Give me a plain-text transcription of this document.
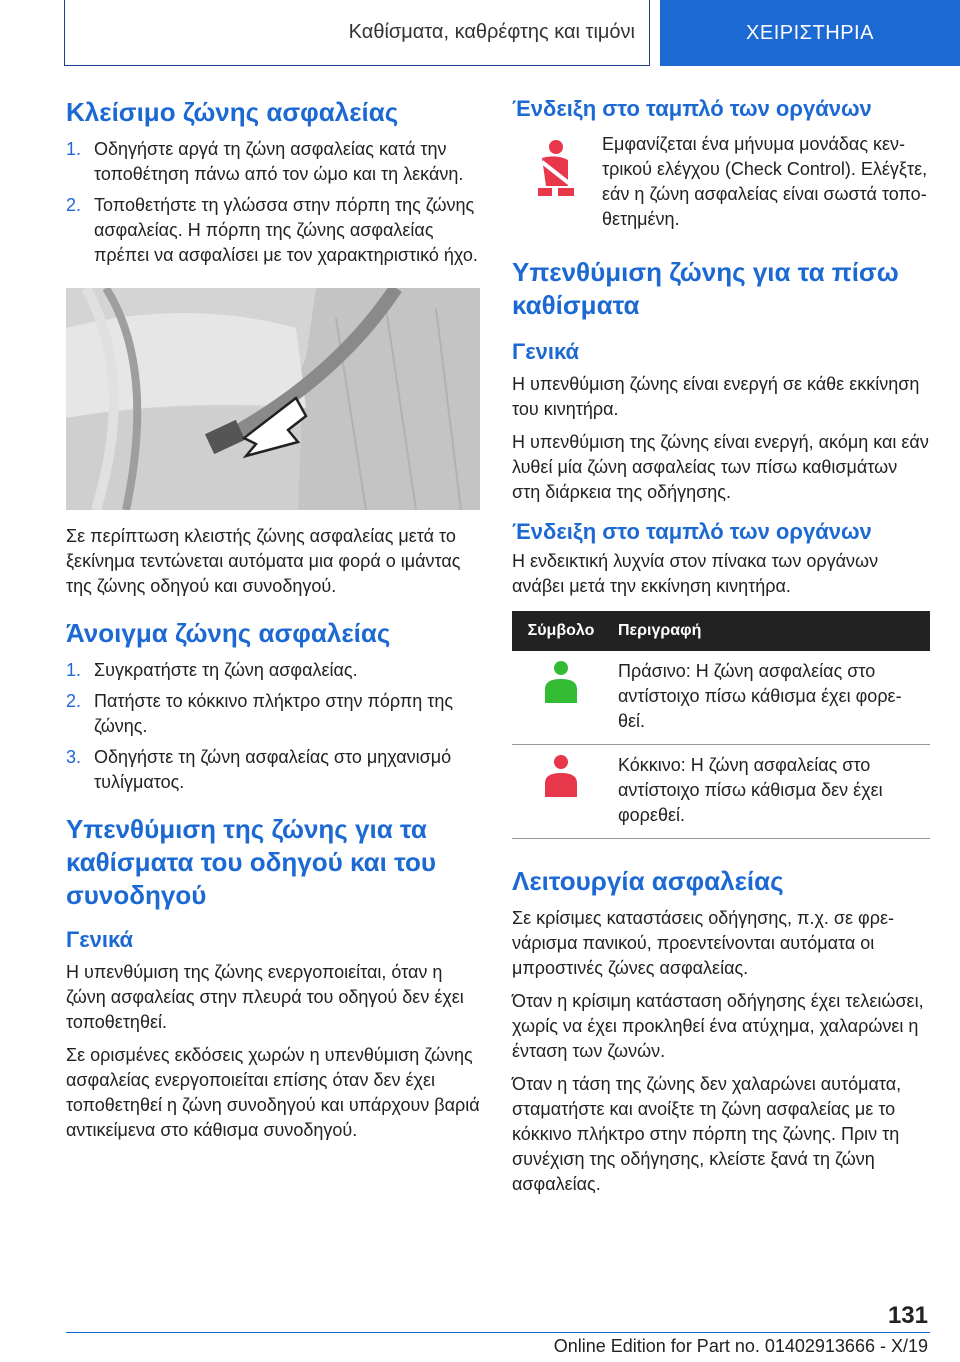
Καθίσματα, καθρέφτης και τιμόνι	ΧΕΙΡΙΣΤΗΡΙΑ
Κλείσιμο ζώνης ασφαλείας
1. Οδηγήστε αργά τη ζώνη ασφαλείας κατά την τοποθέτηση πάνω από τον ώμο και τη λεκάνη.
2. Τοποθετήστε τη γλώσσα στην πόρπη της ζώνης ασφαλείας. Η πόρπη της ζώνης ασφαλείας πρέπει να ασφαλίσει με τον χαρακτηριστικό ήχο.

Σε περίπτωση κλειστής ζώνης ασφαλείας μετά το ξεκίνημα τεντώνεται αυτόματα μια φορά ο ιμάντας της ζώνης οδηγού και συνοδηγού.

Άνοιγμα ζώνης ασφαλείας
1. Συγκρατήστε τη ζώνη ασφαλείας.
2. Πατήστε το κόκκινο πλήκτρο στην πόρπη της ζώνης.
3. Οδηγήστε τη ζώνη ασφαλείας στο μηχανισμό τυλίγματος.
Υπενθύμιση της ζώνης για τα καθίσματα του οδηγού και του συνοδηγού
Γενικά

Η υπενθύμιση της ζώνης ενεργοποιείται, όταν η ζώνη ασφαλείας στην πλευρά του οδηγού δεν έχει τοποθετηθεί.

Σε ορισμένες εκδόσεις χωρών η υπενθύμιση ζώνης ασφαλείας ενεργοποιείται επίσης όταν δεν έχει τοποθετηθεί η ζώνη συνοδηγού και υπάρχουν βαριά αντικείμενα στο κάθισμα συνοδηγού.

Ένδειξη στο ταμπλό των οργάνων

Εμφανίζεται ένα μήνυμα μονάδας κεντρικού ελέγχου (Check Control). Ελέγξτε, εάν η ζώνη ασφαλείας είναι σωστά τοποθετημένη.

Υπενθύμιση ζώνης για τα πίσω καθίσματα
Γενικά

Η υπενθύμιση ζώνης είναι ενεργή σε κάθε εκκίνηση του κινητήρα.

Η υπενθύμιση της ζώνης είναι ενεργή, ακόμη και εάν λυθεί μία ζώνη ασφαλείας των πίσω καθισμάτων στη διάρκεια της οδήγησης.

Ένδειξη στο ταμπλό των οργάνων

Η ενδεικτική λυχνία στον πίνακα των οργάνων ανάβει μετά την εκκίνηση κινητήρα.

Σύμβολο	Περιγραφή
	Πράσινο: Η ζώνη ασφαλείας στο αντίστοιχο πίσω κάθισμα έχει φορεθεί.
	Κόκκινο: Η ζώνη ασφαλείας στο αντίστοιχο πίσω κάθισμα δεν έχει φορεθεί.
Λειτουργία ασφαλείας

Σε κρίσιμες καταστάσεις οδήγησης, π.χ. σε φρενάρισμα πανικού, προεντείνονται αυτόματα οι μπροστινές ζώνες ασφαλείας.

Όταν η κρίσιμη κατάσταση οδήγησης έχει τελειώσει, χωρίς να έχει προκληθεί ένα ατύχημα, χαλαρώνει η ένταση των ζωνών.

Όταν η τάση της ζώνης δεν χαλαρώνει αυτόματα, σταματήστε και ανοίξτε τη ζώνη ασφαλείας με το κόκκινο πλήκτρο στην πόρπη της ζώνης. Πριν τη συνέχιση της οδήγησης, κλείστε ξανά τη ζώνη ασφαλείας.

131
Online Edition for Part no. 01402913666 - X/19
